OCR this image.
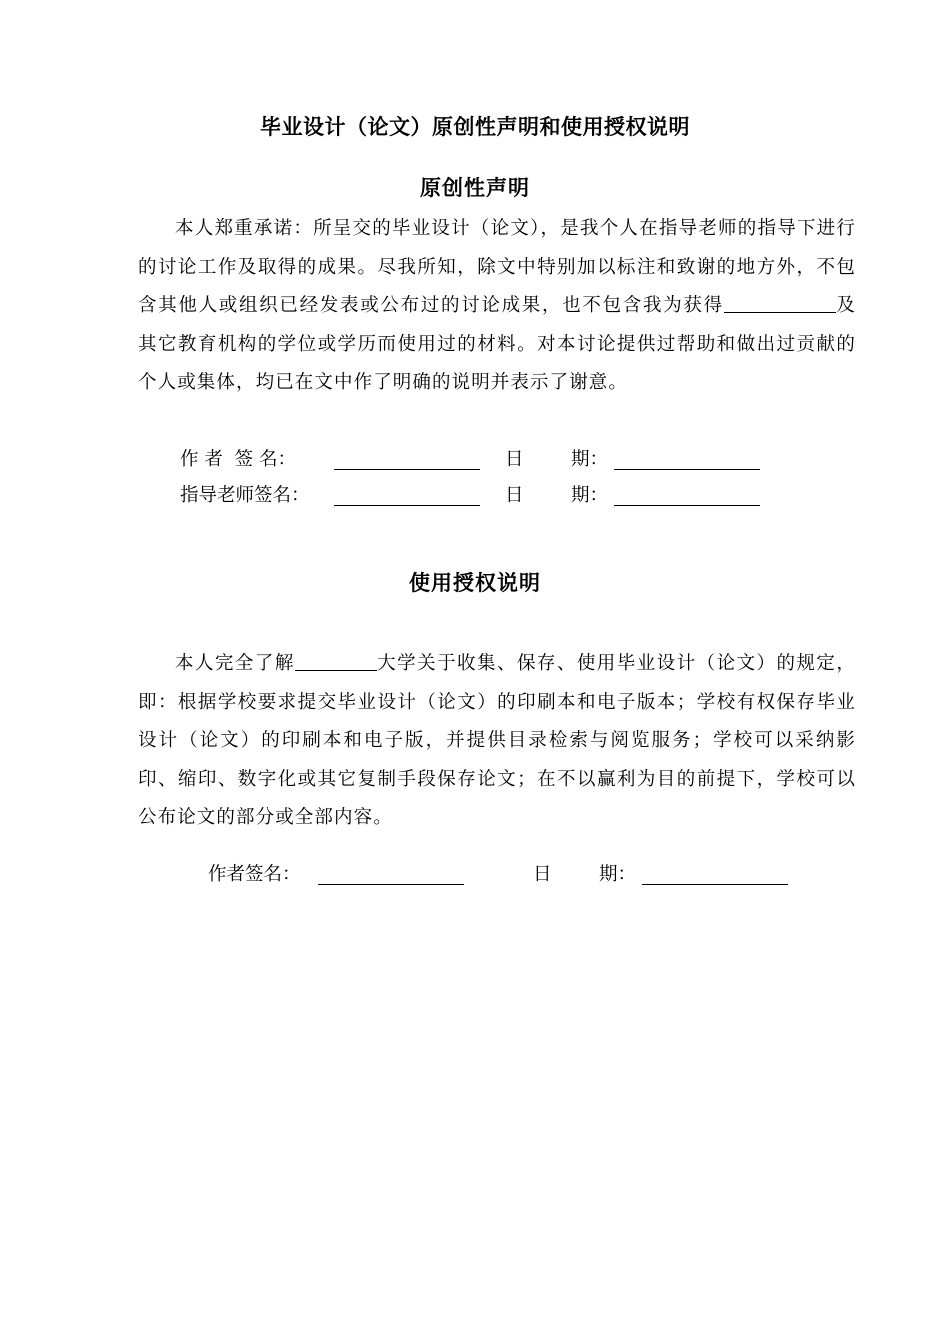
毕业设计（论文）原创性声明和使用授权说明
原创性声明
本人郑重承诺：所呈交的毕业设计（论文），是我个人在指导老师的指导下进行的讨论工作及取得的成果。尽我所知，除文中特别加以标注和致谢的地方外，不包含其他人或组织已经发表或公布过的讨论成果，也不包含我为获得	及其它教育机构的学位或学历而使用过的材料。对本讨论提供过帮助和做出过贡献的个人或集体，均已在文中作了明确的说明并表示了谢意。
作 者  签 名：	日	期：
指导老师签名：	日	期：
使用授权说明
本人完全了解	大学关于收集、保存、使用毕业设计（论文）的规定，即：根据学校要求提交毕业设计（论文）的印刷本和电子版本；学校有权保存毕业设计（论文）的印刷本和电子版，并提供目录检索与阅览服务；学校可以采纳影印、缩印、数字化或其它复制手段保存论文；在不以赢利为目的前提下，学校可以公布论文的部分或全部内容。
作者签名：	日	期：
